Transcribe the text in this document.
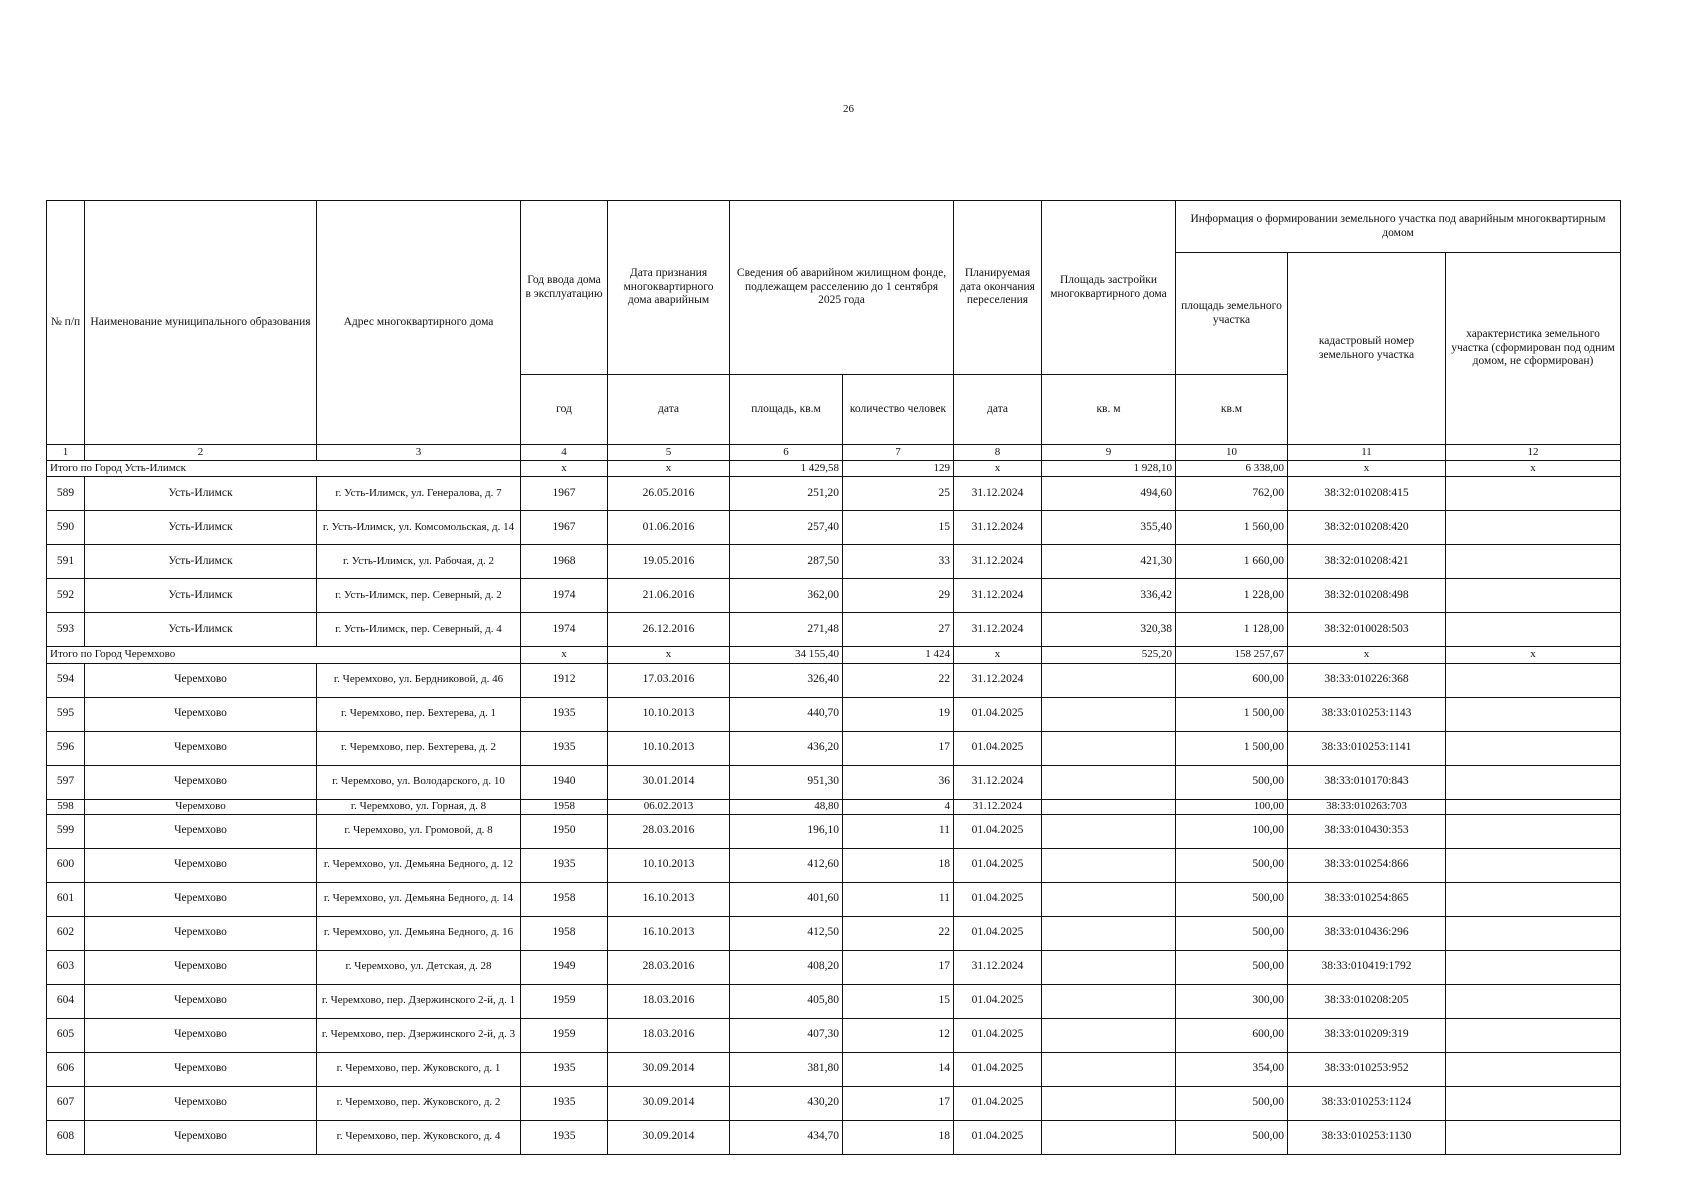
26
№ п/п	Наименование муниципального образования	Адрес многоквартирного дома	Год ввода дома в эксплуатацию	Дата признания многоквартирного дома аварийным	Сведения об аварийном жилищном фонде, подлежащем расселению до 1 сентября 2025 года		Планируемая дата окончания переселения	Площадь застройки многоквартирного дома	Информация о формировании земельного участка под аварийным многоквартирным домом		
									площадь земельного участка	кадастровый номер земельного участка	характеристика земельного участка (сформирован под одним домом, не сформирован)
			год	дата	площадь, кв.м	количество человек	дата	кв. м	кв.м		
1	2	3	4	5	6	7	8	9	10	11	12
Итого по Город Усть-Илимск			x	x	1 429,58	129	x	1 928,10	6 338,00	x	x
589	Усть-Илимск	г. Усть-Илимск, ул. Генералова, д. 7	1967	26.05.2016	251,20	25	31.12.2024	494,60	762,00	38:32:010208:415	
590	Усть-Илимск	г. Усть-Илимск, ул. Комсомольская, д. 14	1967	01.06.2016	257,40	15	31.12.2024	355,40	1 560,00	38:32:010208:420	
591	Усть-Илимск	г. Усть-Илимск, ул. Рабочая, д. 2	1968	19.05.2016	287,50	33	31.12.2024	421,30	1 660,00	38:32:010208:421	
592	Усть-Илимск	г. Усть-Илимск, пер. Северный, д. 2	1974	21.06.2016	362,00	29	31.12.2024	336,42	1 228,00	38:32:010208:498	
593	Усть-Илимск	г. Усть-Илимск, пер. Северный, д. 4	1974	26.12.2016	271,48	27	31.12.2024	320,38	1 128,00	38:32:010028:503	
Итого по Город Черемхово			x	x	34 155,40	1 424	x	525,20	158 257,67	x	x
594	Черемхово	г. Черемхово, ул. Бердниковой, д. 46	1912	17.03.2016	326,40	22	31.12.2024		600,00	38:33:010226:368	
595	Черемхово	г. Черемхово, пер. Бехтерева, д. 1	1935	10.10.2013	440,70	19	01.04.2025		1 500,00	38:33:010253:1143	
596	Черемхово	г. Черемхово, пер. Бехтерева, д. 2	1935	10.10.2013	436,20	17	01.04.2025		1 500,00	38:33:010253:1141	
597	Черемхово	г. Черемхово, ул. Володарского, д. 10	1940	30.01.2014	951,30	36	31.12.2024		500,00	38:33:010170:843	
598	Черемхово	г. Черемхово, ул. Горная, д. 8	1958	06.02.2013	48,80	4	31.12.2024		100,00	38:33:010263:703	
599	Черемхово	г. Черемхово, ул. Громовой, д. 8	1950	28.03.2016	196,10	11	01.04.2025		100,00	38:33:010430:353	
600	Черемхово	г. Черемхово, ул. Демьяна Бедного, д. 12	1935	10.10.2013	412,60	18	01.04.2025		500,00	38:33:010254:866	
601	Черемхово	г. Черемхово, ул. Демьяна Бедного, д. 14	1958	16.10.2013	401,60	11	01.04.2025		500,00	38:33:010254:865	
602	Черемхово	г. Черемхово, ул. Демьяна Бедного, д. 16	1958	16.10.2013	412,50	22	01.04.2025		500,00	38:33:010436:296	
603	Черемхово	г. Черемхово, ул. Детская, д. 28	1949	28.03.2016	408,20	17	31.12.2024		500,00	38:33:010419:1792	
604	Черемхово	г. Черемхово, пер. Дзержинского 2-й, д. 1	1959	18.03.2016	405,80	15	01.04.2025		300,00	38:33:010208:205	
605	Черемхово	г. Черемхово, пер. Дзержинского 2-й, д. 3	1959	18.03.2016	407,30	12	01.04.2025		600,00	38:33:010209:319	
606	Черемхово	г. Черемхово, пер. Жуковского, д. 1	1935	30.09.2014	381,80	14	01.04.2025		354,00	38:33:010253:952	
607	Черемхово	г. Черемхово, пер. Жуковского, д. 2	1935	30.09.2014	430,20	17	01.04.2025		500,00	38:33:010253:1124	
608	Черемхово	г. Черемхово, пер. Жуковского, д. 4	1935	30.09.2014	434,70	18	01.04.2025		500,00	38:33:010253:1130	
